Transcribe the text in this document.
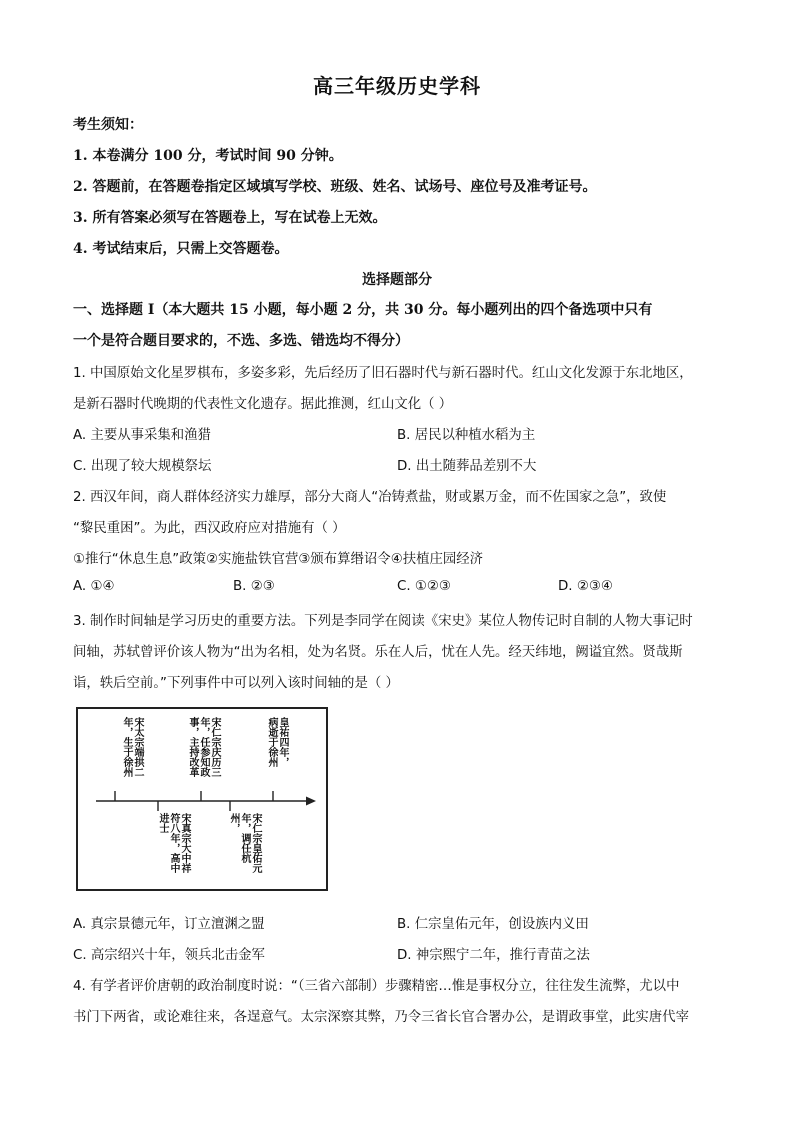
高三年级历史学科
考生须知：
1. 本卷满分 100 分，考试时间 90 分钟。
2. 答题前，在答题卷指定区域填写学校、班级、姓名、试场号、座位号及准考证号。
3. 所有答案必须写在答题卷上，写在试卷上无效。
4. 考试结束后，只需上交答题卷。
选择题部分
一、选择题 I（本大题共 15 小题，每小题 2 分，共 30 分。每小题列出的四个备选项中只有
一个是符合题目要求的，不选、多选、错选均不得分）
1. 中国原始文化星罗棋布，多姿多彩，先后经历了旧石器时代与新石器时代。红山文化发源于东北地区，
是新石器时代晚期的代表性文化遗存。据此推测，红山文化（ ）
A. 主要从事采集和渔猎	B. 居民以种植水稻为主
C. 出现了较大规模祭坛	D. 出土随葬品差别不大
2. 西汉年间，商人群体经济实力雄厚，部分大商人“冶铸煮盐，财或累万金，而不佐国家之急”，致使
“黎民重困”。为此，西汉政府应对措施有（ ）
①推行“休息生息”政策②实施盐铁官营③颁布算缗诏令④扶植庄园经济
A. ①④	B. ②③	C. ①②③	D. ②③④
3. 制作时间轴是学习历史的重要方法。下列是李同学在阅读《宋史》某位人物传记时自制的人物大事记时
间轴，苏轼曾评价该人物为“出为名相，处为名贤。乐在人后，忧在人先。经天纬地，阙谥宜然。贤哉斯
诣，轶后空前。”下列事件中可以列入该时间轴的是（ ）
宋太宗端拱二年，生于徐州	宋仁宗庆历三年，任参知政事，主持改革	皇祐四年，病逝于徐州
宋真宗大中祥符八年，高中进士	宋仁宗皇佑元年，调任杭州，
A. 真宗景德元年，订立澶渊之盟	B. 仁宗皇佑元年，创设族内义田
C. 高宗绍兴十年，领兵北击金军	D. 神宗熙宁二年，推行青苗之法
4. 有学者评价唐朝的政治制度时说：“（三省六部制）步骤精密…惟是事权分立，往往发生流弊，尤以中
书门下两省，或论难往来，各逞意气。太宗深察其弊，乃令三省长官合署办公，是谓政事堂，此实唐代宰
